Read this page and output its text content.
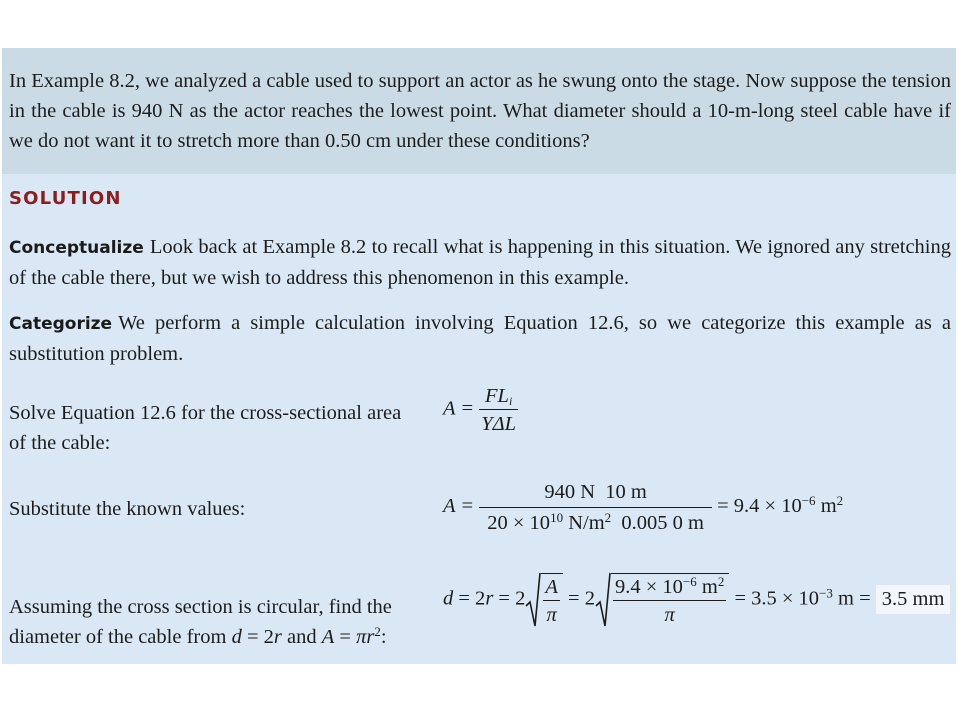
In Example 8.2, we analyzed a cable used to support an actor as he swung onto the stage. Now suppose the tension in the cable is 940 N as the actor reaches the lowest point. What diameter should a 10-m-long steel cable have if we do not want it to stretch more than 0.50 cm under these conditions?

SOLUTION

Conceptualize Look back at Example 8.2 to recall what is happening in this situation. We ignored any stretching of the cable there, but we wish to address this phenomenon in this example.

Categorize We perform a simple calculation involving Equation 12.6, so we categorize this example as a substitution problem.

Solve Equation 12.6 for the cross-sectional area of the cable:

$A = \frac{FL_i}{\text{YΔL}}$

Substitute the known values:	$A = \frac{940 N 10 m}{20 \times 10^{10} N/m^2 0.005 0 m} = 9.4 \times 10^{-6}$ $m^2$

Assuming the cross section is circular, find the diameter of the cable from d = 2r and $A = \pi r^2$:

$d = 2r = 2 \frac{A}{\pi} = 2 \frac{9.4 \times 10^{-6} m^2}{\pi} = 3.5 \times 10^{-3}$ m = 3.5 mm
